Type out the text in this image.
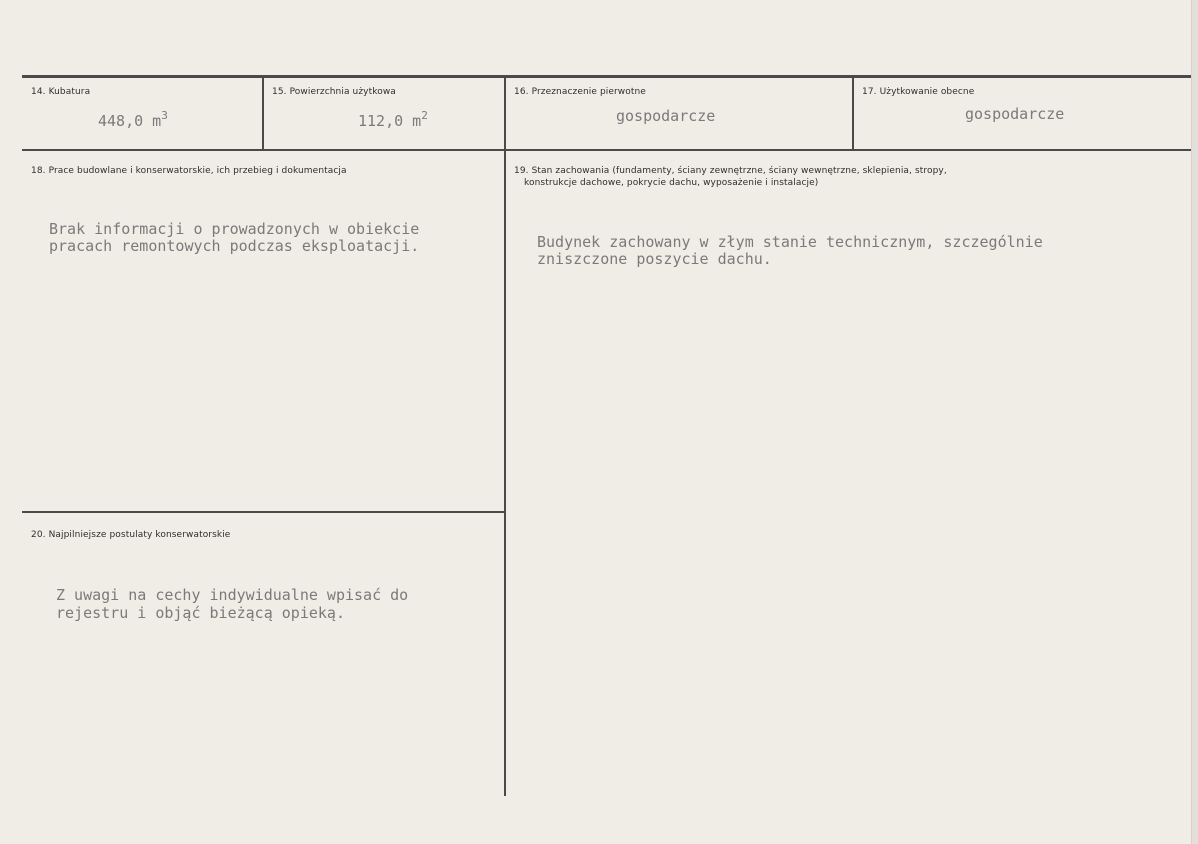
14. Kubatura
448,0 $m^3$
15. Powierzchnia użytkowa
112,0 $m^2$
16. Przeznaczenie pierwotne
gospodarcze
17. Użytkowanie obecne
gospodarcze
18. Prace budowlane i konserwatorskie, ich przebieg i dokumentacja
Brak informacji o prowadzonych w obiekcie
pracach remontowych podczas eksploatacji.
19. Stan zachowania (fundamenty, ściany zewnętrzne, ściany wewnętrzne, sklepienia, stropy,
konstrukcje dachowe, pokrycie dachu, wyposażenie i instalacje)
Budynek zachowany w złym stanie technicznym, szczególnie
zniszczone poszycie dachu.
20. Najpilniejsze postulaty konserwatorskie
Z uwagi na cechy indywidualne wpisać do
rejestru i objąć bieżącą opieką.
